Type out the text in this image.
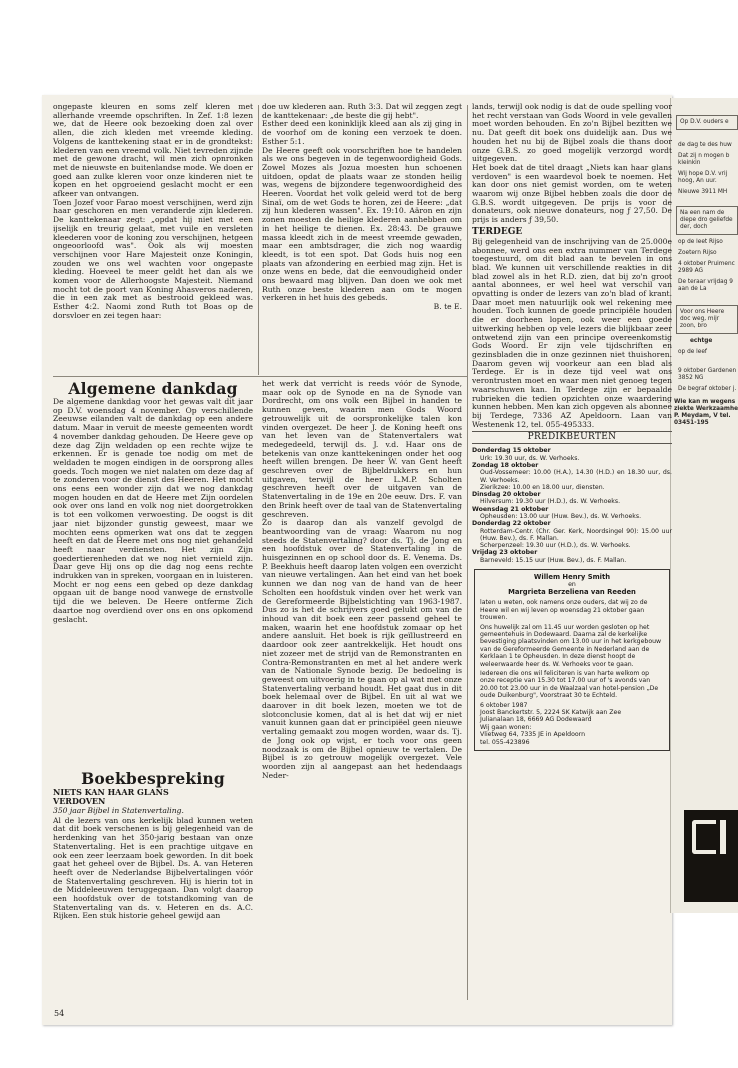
ongepaste kleuren en soms zelf kleren met allerhande vreemde opschriften. In Zef. 1:8 lezen we, dat de Heere ook bezoeking doen zal over allen, die zich kleden met vreemde kleding. Volgens de kanttekening staat er in de grondtekst: klederen van een vreemd volk. Niet tevreden zijnde met de gewone dracht, wil men zich opnronken met de nieuwste en buitenlandse mode. We doen er goed aan zulke kleren voor onze kinderen niet te kopen en het opgroeiend geslacht mocht er een afkeer van ontvangen.

Toen Jozef voor Farao moest verschijnen, werd zijn haar geschoren en men veranderde zijn klederen. De kanttekenaar zegt: „opdat hij niet met een ijselijk en treurig gelaat, met vuile en versleten kleederen voor de koning zou verschijnen, hetgeen ongeoorloofd was". Ook als wij moesten verschijnen voor Hare Majesteit onze Koningin, zouden we ons wel wachten voor ongepaste kleding. Hoeveel te meer geldt het dan als we komen voor de Allerhoogste Majesteit. Niemand mocht tot de poort van Koning Ahasveros naderen, die in een zak met as bestrooid gekleed was. Esther 4:2. Naomi zond Ruth tot Boas op de dorsvloer en zei tegen haar:

Algemene dankdag

De algemene dankdag voor het gewas valt dit jaar op D.V. woensdag 4 november. Op verschillende Zeeuwse eilanden valt de dankdag op een andere datum. Maar in veruit de meeste gemeenten wordt 4 november dankdag gehouden. De Heere geve op deze dag Zijn weldaden op een rechte wijze te erkennen. Er is genade toe nodig om met de weldaden te mogen eindigen in de oorsprong alles goeds. Toch mogen we niet nalaten om deze dag af te zonderen voor de dienst des Heeren. Het mocht ons eens een wonder zijn dat we nog dankdag mogen houden en dat de Heere met Zijn oordelen ook over ons land en volk nog niet doorgetrokken is tot een volkomen verwoesting. De oogst is dit jaar niet bijzonder gunstig geweest, maar we mochten eens opmerken wat ons dat te zeggen heeft en dat de Heere met ons nog niet gehandeld heeft naar verdiensten. Het zijn Zijn goedertierenheden dat we nog niet vernield zijn. Daar geve Hij ons op die dag nog eens rechte indrukken van in spreken, voorgaan en in luisteren. Mocht er nog eens een gebed op deze dankdag opgaan uit de bange nood vanwege de ernstvolle tijd die we beleven. De Heere ontferme Zich daartoe nog overdiend over ons en ons opkomend geslacht.

Boekbespreking
NIETS KAN HAAR GLANS
VERDOVEN

350 jaar Bijbel in Statenvertaling.

Al de lezers van ons kerkelijk blad kunnen weten dat dit boek verschenen is bij gelegenheid van de herdenking van het 350-jarig bestaan van onze Statenvertaling. Het is een prachtige uitgave en ook een zeer leerzaam boek geworden. In dit boek gaat het geheel over de Bijbel. Ds. A. van Heteren heeft over de Nederlandse Bijbelvertalingen vóór de Statenvertaling geschreven. Hij is hierin tot in de Middeleeuwen teruggegaan. Dan volgt daarop een hoofdstuk over de totstandkoming van de Statenvertaling van ds. v. Heteren en ds. A.C. Rijken. Een stuk historie geheel gewijd aan

doe uw klederen aan. Ruth 3:3. Dat wil zeggen zegt de kanttekenaar: „de beste die gij hebt".

Esther deed een koninklijk kleed aan als zij ging in de voorhof om de koning een verzoek te doen. Esther 5:1.

De Heere geeft ook voorschriften hoe te handelen als we ons begeven in de tegenwoordigheid Gods. Zowel Mozes als Jozua moesten hun schoenen uitdoen, opdat de plaats waar ze stonden heilig was, wegens de bijzondere tegenwoordigheid des Heeren. Voordat het volk geleid werd tot de berg Sinaï, om de wet Gods te horen, zei de Heere: „dat zij hun klederen wassen". Ex. 19:10. Aäron en zijn zonen moesten de heilige klederen aanhebben om in het heilige te dienen. Ex. 28:43. De grauwe massa kleedt zich in de meest vreemde gewaden, maar een ambtsdrager, die zich nog waardig kleedt, is tot een spot. Dat Gods huis nog een plaats van afzondering en eerbied mag zijn. Het is onze wens en bede, dat die eenvoudigheid onder ons bewaard mag blijven. Dan doen we ook met Ruth onze beste klederen aan om te mogen verkeren in het huis des gebeds.

B. te E.

het werk dat verricht is reeds vóór de Synode, maar ook op de Synode en na de Synode van Dordrecht, om ons volk een Bijbel in handen te kunnen geven, waarin men Gods Woord getrouwelijk uit de oorspronkelijke talen kon vinden overgezet. De heer J. de Koning heeft ons van het leven van de Statenvertalers wat medegedeeld, terwijl ds. J. v.d. Haar ons de betekenis van onze kanttekeningen onder het oog heeft willen brengen. De heer W. van Gent heeft geschreven over de Bijbeldrukkers en hun uitgaven, terwijl de heer L.M.P. Scholten geschreven heeft over de uitgaven van de Statenvertaling in de 19e en 20e eeuw. Drs. F. van den Brink heeft over de taal van de Statenvertaling geschreven.

Zo is daarop dan als vanzelf gevolgd de beantwoording van de vraag: Waarom nu nog steeds de Statenvertaling? door ds. Tj. de Jong en een hoofdstuk over de Statenvertaling in de huisgezinnen en op school door ds. E. Venema. Ds. P. Beekhuis heeft daarop laten volgen een overzicht van nieuwe vertalingen. Aan het eind van het boek kunnen we dan nog van de hand van de heer Scholten een hoofdstuk vinden over het werk van de Gereformeerde Bijbelstichting van 1963-1987. Dus zo is het de schrijvers goed gelukt om van de inhoud van dit boek een zeer passend geheel te maken, waarin het ene hoofdstuk zomaar op het andere aansluit. Het boek is rijk geïllustreerd en daardoor ook zeer aantrekkelijk. Het houdt ons niet zozeer met de strijd van de Remonstranten en Contra-Remonstranten en met al het andere werk van de Nationale Synode bezig. De bedoeling is geweest om uitvoerig in te gaan op al wat met onze Statenvertaling verband houdt. Het gaat dus in dit boek helemaal over de Bijbel. En uit al wat we daarover in dit boek lezen, moeten we tot de slotconclusie komen, dat al is het dat wij er niet vanuit kunnen gaan dat er principiëel geen nieuwe vertaling gemaakt zou mogen worden, waar ds. Tj. de Jong ook op wijst, er toch voor ons geen noodzaak is om de Bijbel opnieuw te vertalen. De Bijbel is zo getrouw mogelijk overgezet. Vele woorden zijn al aangepast aan het hedendaags Neder-

lands, terwijl ook nodig is dat de oude spelling voor het recht verstaan van Gods Woord in vele gevallen moet worden behouden. En zo'n Bijbel bezitten we nu. Dat geeft dit boek ons duidelijk aan. Dus we houden het nu bij de Bijbel zoals die thans door onze G.B.S. zo goed mogelijk verzorgd wordt uitgegeven.

Het boek dat de titel draagt „Niets kan haar glans verdoven" is een waardevol boek te noemen. Het kan door ons niet gemist worden, om te weten waarom wij onze Bijbel hebben zoals die door de G.B.S. wordt uitgegeven. De prijs is voor de donateurs, ook nieuwe donateurs, nog ƒ 27,50. De prijs is anders ƒ 39,50.

TERDEGE

Bij gelegenheid van de inschrijving van de 25.000e abonnee, werd ons een extra nummer van Terdege toegestuurd, om dit blad aan te bevelen in ons blad. We kunnen uit verschillende reakties in dit blad zowel als in het R.D. zien, dat bij zo'n groot aantal abonnees, er wel heel wat verschil van opvatting is onder de lezers van zo'n blad of krant. Daar moet men natuurlijk ook wel rekening mee houden. Toch kunnen de goede principiële houden die er doorheen lopen, ook weer een goede uitwerking hebben op vele lezers die blijkbaar zeer ontwetend zijn van een principe overeenkomstig Gods Woord. Er zijn vele tijdschriften en gezinsbladen die in onze gezinnen niet thuishoren. Daarom geven wij voorkeur aan een blad als Terdege. Er is in deze tijd veel wat ons verontrusten moet en waar men niet genoeg tegen waarschuwen kan. In Terdege zijn er bepaalde rubrieken die tedien opzichten onze waardering kunnen hebben. Men kan zich opgeven als abonnee bij Terdege, 7336 AZ Apeldoorn. Laan van Westenenk 12, tel. 055-495333.

PREDIKBEURTEN
Donderdag 15 oktober
Urk: 19.30 uur, ds. W. Verhoeks.
Zondag 18 oktober
Oud-Vossemeer: 10.00 (H.A.), 14.30 (H.D.) en 18.30 uur, ds. W. Verhoeks.
Zierikzee: 10.00 en 18.00 uur, diensten.
Dinsdag 20 oktober
Hilversum: 19.30 uur (H.D.), ds. W. Verhoeks.
Woensdag 21 oktober
Opheusden: 13.00 uur (Huw. Bev.), ds. W. Verhoeks.
Donderdag 22 oktober
Rotterdam-Centr. (Chr. Ger. Kerk, Noordsingel 90): 15.00 uur (Huw. Bev.), ds. F. Mallan.
Scherpenzeel: 19.30 uur (H.D.), ds. W. Verhoeks.
Vrijdag 23 oktober
Barneveld: 15.15 uur (Huw. Bev.), ds. F. Mallan.
Willem Henry Smith
en
Margrieta Berzeliena van Reeden
laten u weten, ook namens onze ouders, dat wij zo de Heere wil en wij leven op woensdag 21 oktober gaan trouwen.
Ons huwelijk zal om 11.45 uur worden gesloten op het gemeentehuis in Dodewaard. Daarna zal de kerkelijke bevestiging plaatsvinden om 13.00 uur in het kerkgebouw van de Gereformeerde Gemeente in Nederland aan de Kerklaan 1 te Opheusden. In deze dienst hoopt de weleerwaarde heer ds. W. Verhoeks voor te gaan.
Iedereen die ons wil feliciteren is van harte welkom op onze receptie van 15.30 tot 17.00 uur of 's avonds van 20.00 tot 23.00 uur in de Waalzaal van hotel-pension „De oude Duikenburg", Voorstraat 30 te Echteld.
6 oktober 1987
Joost Banckertstr. 5, 2224 SK Katwijk aan Zee
Julianalaan 18, 6669 AG Dodewaard
Wij gaan wonen:
Vlietweg 64, 7335 JE in Apeldoorn
tel. 055-423896
Op D.V. ouders e
de dag te des huw
Dat zij n mogen b kleinkin
Wij hope D.V. vrij hoog, An uur.
Nieuwe 3911 MH
Na een nam de diepe dro geliefde der, doch
op de leet Rijso
Zoetern Rijso
4 oktober Pruimenc 2989 AG
De teraar vrijdag 9 aan de La
Voor ons Heere doc weg, mijr zoon, bro
echtge
op de leef
9 oktober Gardenen 3852 NG
De begraf oktober j.
Wie kan m wegens ziekte Werkzaamhe P. Meydam, V tel. 03451-195
54
